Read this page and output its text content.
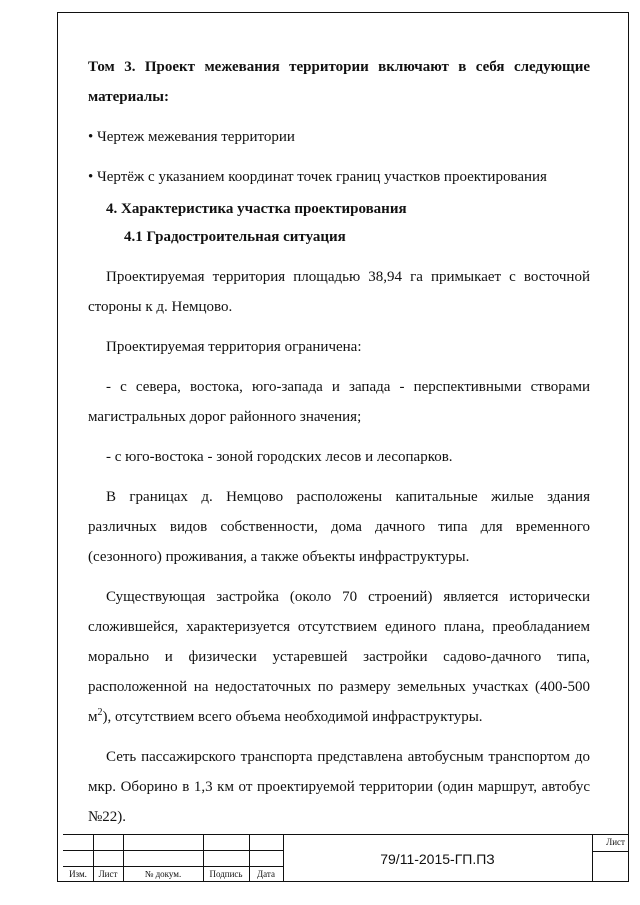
Том 3. Проект межевания территории включают в себя следующие

материалы:

• Чертеж межевания территории

• Чертёж с указанием координат точек границ участков проектирования

4. Характеристика участка проектирования

4.1 Градостроительная ситуация

Проектируемая территория площадью 38,94 га примыкает с восточной стороны к д. Немцово.

Проектируемая территория ограничена:

- с севера, востока, юго-запада и запада - перспективными створами магистральных дорог районного значения;

- с юго-востока - зоной городских лесов и лесопарков.

В границах д. Немцово расположены капитальные жилые здания различных видов собственности, дома дачного типа для временного (сезонного) проживания, а также объекты инфраструктуры.

Существующая застройка (около 70 строений) является исторически сложившейся, характеризуется отсутствием единого плана, преобладанием морально и физически устаревшей застройки садово-дачного типа, расположенной на недостаточных по размеру земельных участках (400-500 $м^2$), отсутствием всего объема необходимой инфраструктуры.

Сеть пассажирского транспорта представлена автобусным транспортом до мкр. Оборино в 1,3 км от проектируемой территории (один маршрут, автобус №22).

Изм.	Лист	№ докум.	Подпись	Дата
79/11-2015-ГП.ПЗ
Лист
